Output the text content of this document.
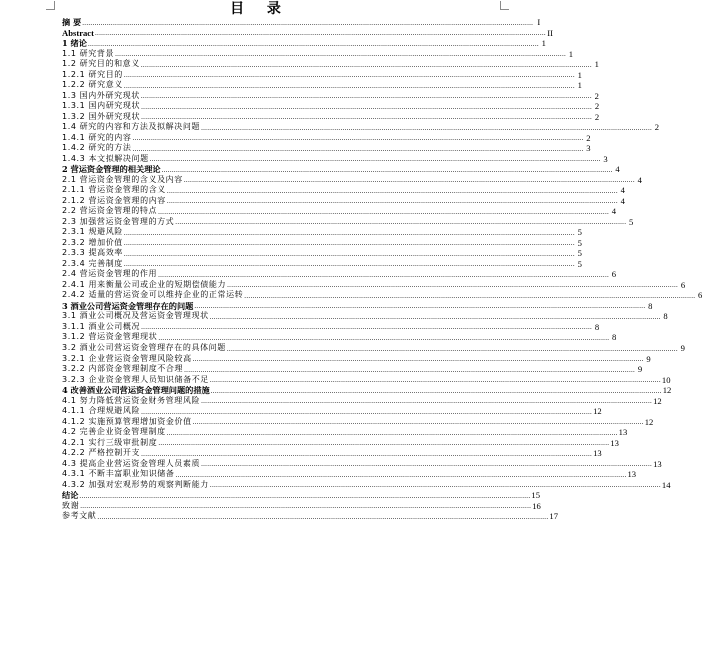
目 录
摘 要 ............................................................................................................................................................................................................................ I
Abstract ............................................................................................................................................................................................................................ II
1 绪论 ............................................................................................................................................................................................................................ 1
1.1 研究背景 ............................................................................................................................................................................................................................ 1
1.2 研究目的和意义 ............................................................................................................................................................................................................................ 1
1.2.1 研究目的 ............................................................................................................................................................................................................................ 1
1.2.2 研究意义 ............................................................................................................................................................................................................................ 1
1.3 国内外研究现状 ............................................................................................................................................................................................................................ 2
1.3.1 国内研究现状 ............................................................................................................................................................................................................................ 2
1.3.2 国外研究现状 ............................................................................................................................................................................................................................ 2
1.4 研究的内容和方法及拟解决问题 ............................................................................................................................................................................................................................ 2
1.4.1 研究的内容 ............................................................................................................................................................................................................................ 2
1.4.2 研究的方法 ............................................................................................................................................................................................................................ 3
1.4.3 本文拟解决问题 ............................................................................................................................................................................................................................ 3
2 营运资金管理的相关理论 ............................................................................................................................................................................................................................ 4
2.1 营运资金管理的含义及内容 ............................................................................................................................................................................................................................ 4
2.1.1 营运资金管理的含义 ............................................................................................................................................................................................................................ 4
2.1.2 营运资金管理的内容 ............................................................................................................................................................................................................................ 4
2.2 营运资金管理的特点 ............................................................................................................................................................................................................................ 4
2.3 加强营运资金管理的方式 ............................................................................................................................................................................................................................ 5
2.3.1 规避风险 ............................................................................................................................................................................................................................ 5
2.3.2 增加价值 ............................................................................................................................................................................................................................ 5
2.3.3 提高效率 ............................................................................................................................................................................................................................ 5
2.3.4 完善制度 ............................................................................................................................................................................................................................ 5
2.4 营运资金管理的作用 ............................................................................................................................................................................................................................ 6
2.4.1 用来衡量公司或企业的短期偿债能力 ............................................................................................................................................................................................................................ 6
2.4.2 适量的营运资金可以维持企业的正常运转 ............................................................................................................................................................................................................................ 6
3 酒业公司营运资金管理存在的问题 ............................................................................................................................................................................................................................ 8
3.1 酒业公司概况及营运资金管理现状 ............................................................................................................................................................................................................................ 8
3.1.1 酒业公司概况 ............................................................................................................................................................................................................................ 8
3.1.2 营运资金管理现状 ............................................................................................................................................................................................................................ 8
3.2 酒业公司营运资金管理存在的具体问题 ............................................................................................................................................................................................................................ 9
3.2.1 企业营运资金管理风险较高 ............................................................................................................................................................................................................................ 9
3.2.2 内部资金管理制度不合理 ............................................................................................................................................................................................................................ 9
3.2.3 企业资金管理人员知识储备不足 ............................................................................................................................................................................................................................ 10
4 改善酒业公司营运资金管理问题的措施 ............................................................................................................................................................................................................................ 12
4.1 努力降低营运资金财务管理风险 ............................................................................................................................................................................................................................ 12
4.1.1 合理规避风险 ............................................................................................................................................................................................................................ 12
4.1.2 实施预算管理增加资金价值 ............................................................................................................................................................................................................................ 12
4.2 完善企业资金管理制度 ............................................................................................................................................................................................................................ 13
4.2.1 实行三级审批制度 ............................................................................................................................................................................................................................ 13
4.2.2 严格控制开支 ............................................................................................................................................................................................................................ 13
4.3 提高企业营运资金管理人员素质 ............................................................................................................................................................................................................................ 13
4.3.1 不断丰富职业知识储备 ............................................................................................................................................................................................................................ 13
4.3.2 加强对宏观形势的观察判断能力 ............................................................................................................................................................................................................................ 14
结论 ............................................................................................................................................................................................................................ 15
致谢 ............................................................................................................................................................................................................................ 16
参考文献 ............................................................................................................................................................................................................................ 17
